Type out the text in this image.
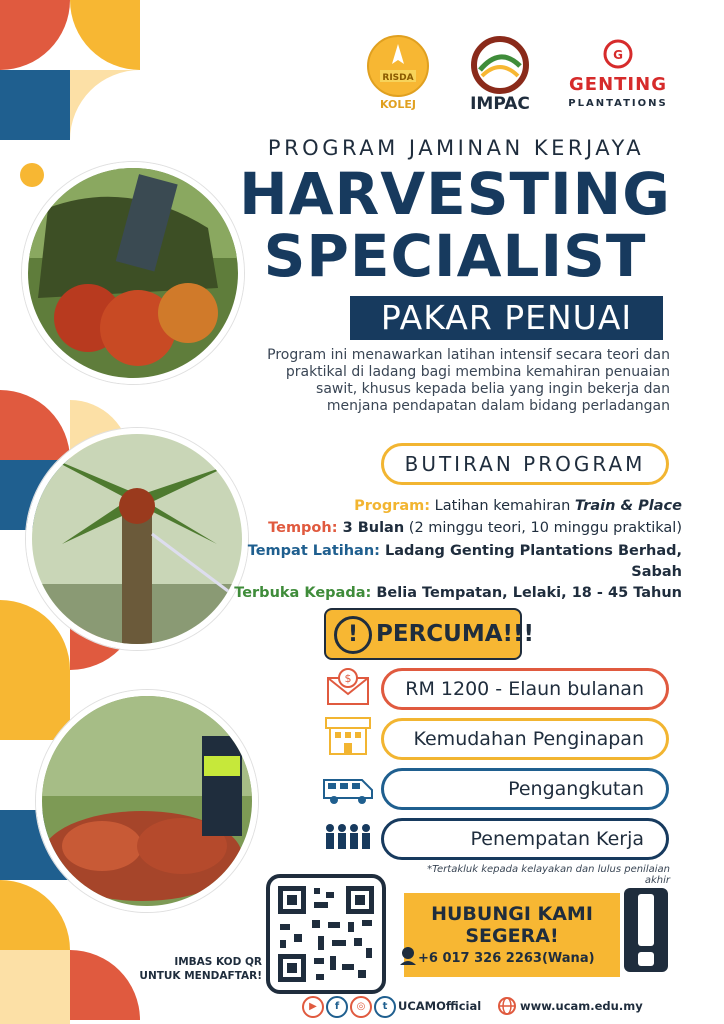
RISDA
KOLEJ	IMPAC
G
GENTING
PLANTATIONS
PROGRAM JAMINAN KERJAYA
HARVESTING
SPECIALIST
PAKAR PENUAI
Program ini menawarkan latihan intensif secara teori dan praktikal di ladang bagi membina kemahiran penuaian sawit, khusus kepada belia yang ingin bekerja dan menjana pendapatan dalam bidang perladangan
BUTIRAN PROGRAM
Program: Latihan kemahiran Train & Place
Tempoh: 3 Bulan (2 minggu teori, 10 minggu praktikal)
Tempat Latihan: Ladang Genting Plantations Berhad,
Sabah
Terbuka Kepada: Belia Tempatan, Lelaki, 18 - 45 Tahun
! PERCUMA!!!
$	RM 1200 - Elaun bulanan
Kemudahan Penginapan
Pengangkutan
Penempatan Kerja
*Tertakluk kepada kelayakan dan lulus penilaian akhir
IMBAS KOD QR
UNTUK MENDAFTAR!
HUBUNGI KAMI
SEGERA!
+6 017 326 2263(Wana)
▶	f	◎	t UCAMOfficial	www.ucam.edu.my
